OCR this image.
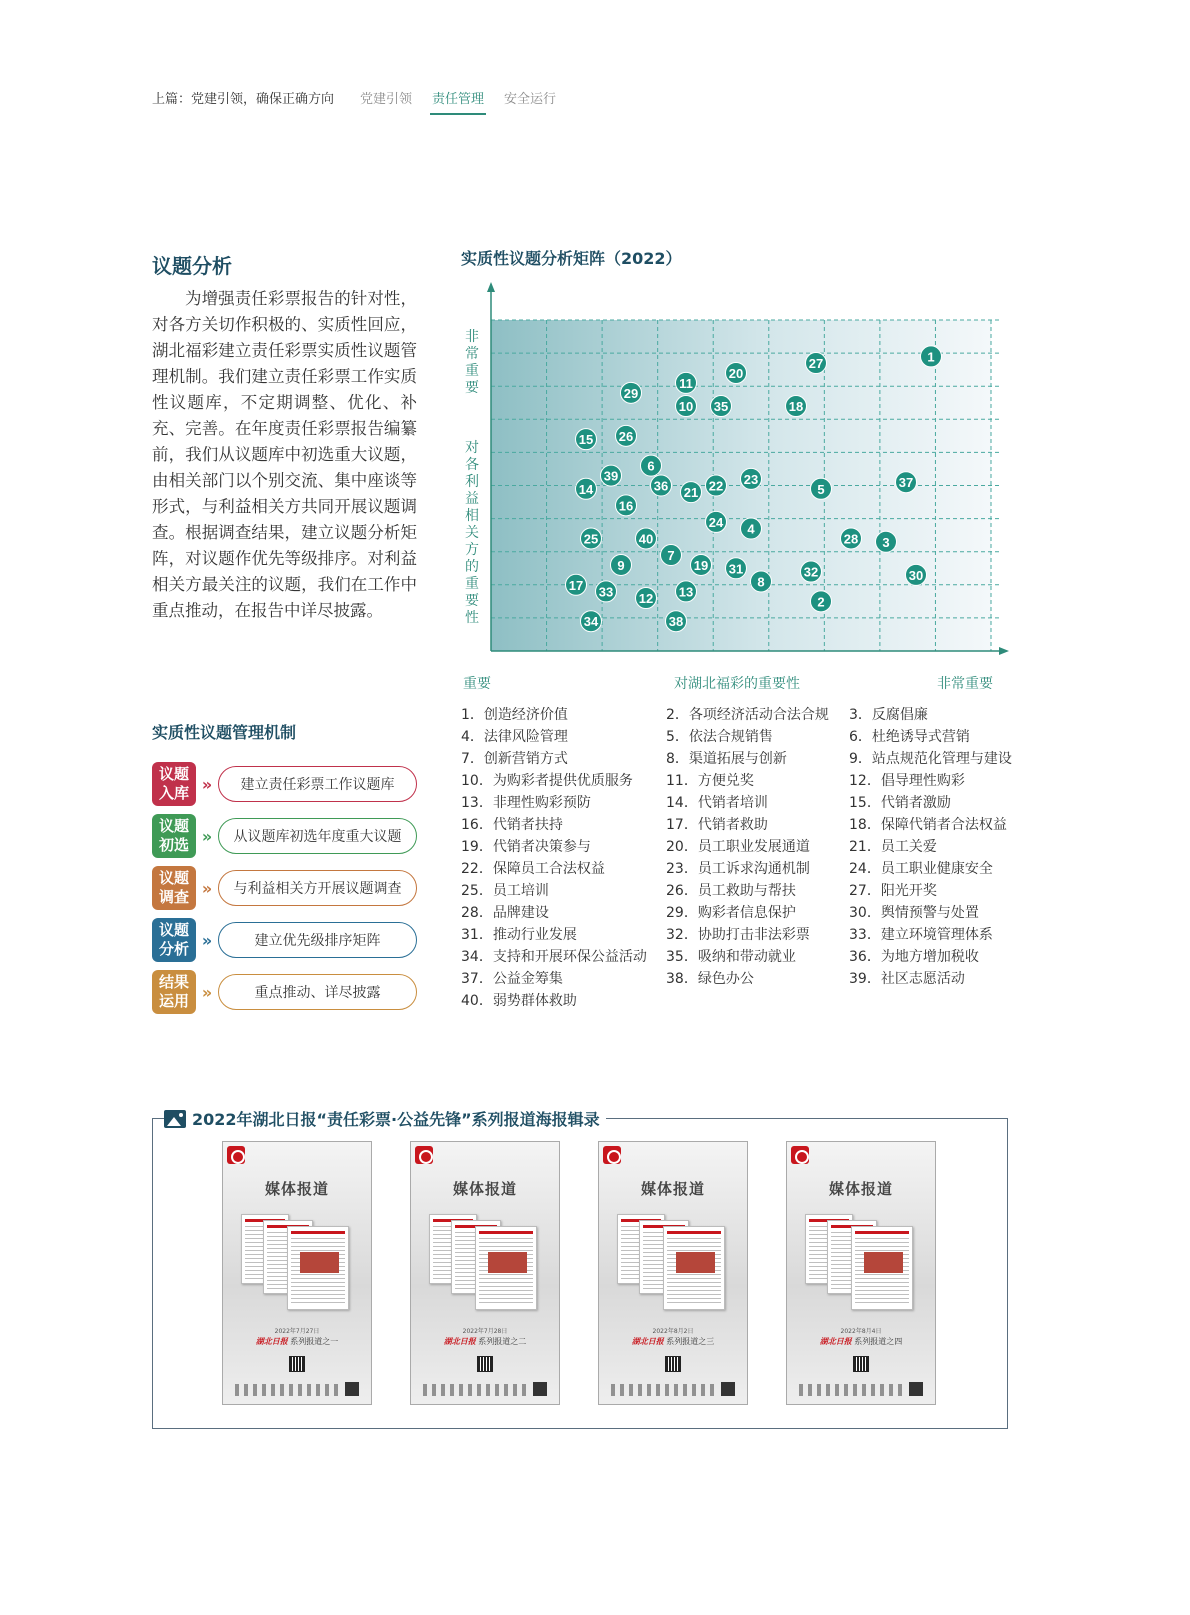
上篇：党建引领，确保正确方向 党建引领 责任管理 安全运行
议题分析

为增强责任彩票报告的针对性，对各方关切作积极的、实质性回应，湖北福彩建立责任彩票实质性议题管理机制。我们建立责任彩票工作实质性议题库，不定期调整、优化、补充、完善。在年度责任彩票报告编纂前，我们从议题库中初选重大议题，由相关部门以个别交流、集中座谈等形式，与利益相关方共同开展议题调查。根据调查结果，建立议题分析矩阵，对议题作优先等级排序。对利益相关方最关注的议题，我们在工作中重点推动，在报告中详尽披露。

实质性议题管理机制
议题入库 »	建立责任彩票工作议题库
议题初选 »	从议题库初选年度重大议题
议题调查 »	与利益相关方开展议题调查
议题分析 »	建立优先级排序矩阵
结果运用 »	重点推动、详尽披露
实质性议题分析矩阵（2022）
1
2
3
4
5
6
7
8
9
10
11
12 13
14
15
16
17
18
19
20
21 22 23
24
25
26
27
28
29
30
31	32
33
34
35
36	37
38
39
40
非
常
重
要
对
各
利
益
相
关
方
的
重
要
性
重要	对湖北福彩的重要性	非常重要
1．创造经济价值	2．各项经济活动合法合规	3．反腐倡廉
4．法律风险管理	5．依法合规销售	6．杜绝诱导式营销
7．创新营销方式	8．渠道拓展与创新	9．站点规范化管理与建设
10．为购彩者提供优质服务	11．方便兑奖	12．倡导理性购彩
13．非理性购彩预防	14．代销者培训	15．代销者激励
16．代销者扶持	17．代销者救助	18．保障代销者合法权益
19．代销者决策参与	20．员工职业发展通道	21．员工关爱
22．保障员工合法权益	23．员工诉求沟通机制	24．员工职业健康安全
25．员工培训	26．员工救助与帮扶	27．阳光开奖
28．品牌建设	29．购彩者信息保护	30．舆情预警与处置
31．推动行业发展	32．协助打击非法彩票	33．建立环境管理体系
34．支持和开展环保公益活动	35．吸纳和带动就业	36．为地方增加税收
37．公益金筹集	38．绿色办公	39．社区志愿活动
40．弱势群体救助
2022年湖北日报“责任彩票·公益先锋”系列报道海报辑录
媒体报道
2022年7月27日
湖北日报 系列报道之一
媒体报道
2022年7月28日
湖北日报 系列报道之二
媒体报道
2022年8月2日
湖北日报 系列报道之三
媒体报道
2022年8月4日
湖北日报 系列报道之四
